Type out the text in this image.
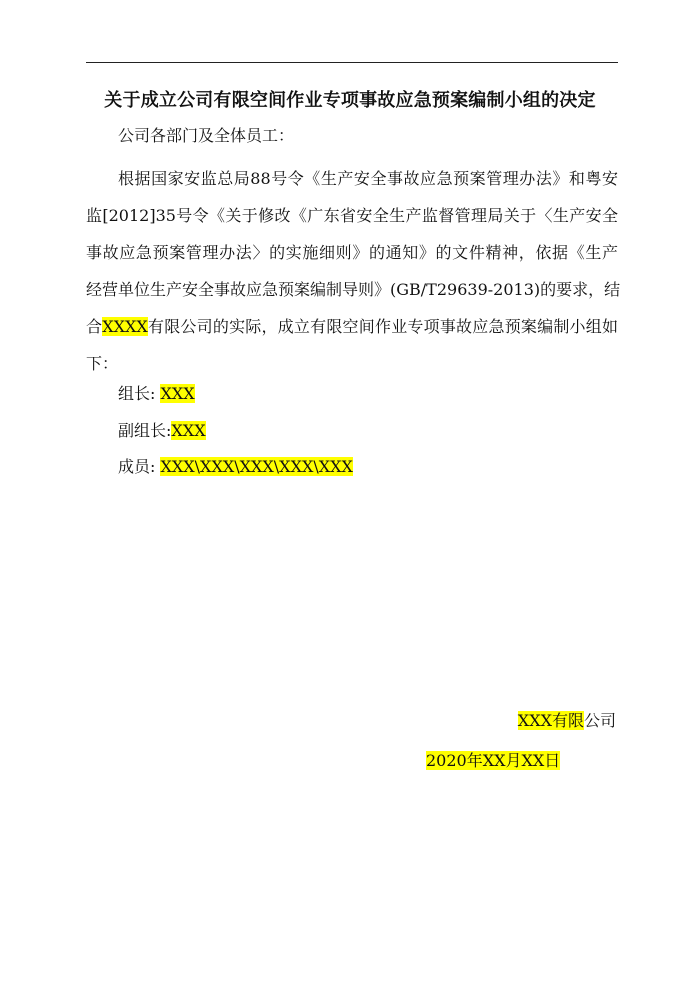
关于成立公司有限空间作业专项事故应急预案编制小组的决定
公司各部门及全体员工：
根据国家安监总局88号令《生产安全事故应急预案管理办法》和粤安
监[2012]35号令《关于修改《广东省安全生产监督管理局关于〈生产安全
事故应急预案管理办法〉的实施细则》的通知》的文件精神，依据《生产
经营单位生产安全事故应急预案编制导则》(GB/T29639-2013)的要求，结
合XXXX有限公司的实际，成立有限空间作业专项事故应急预案编制小组如
下：
组长: XXX
副组长:XXX
成员: XXX\XXX\XXX\XXX\XXX
XXX有限公司
2020年XX月XX日
